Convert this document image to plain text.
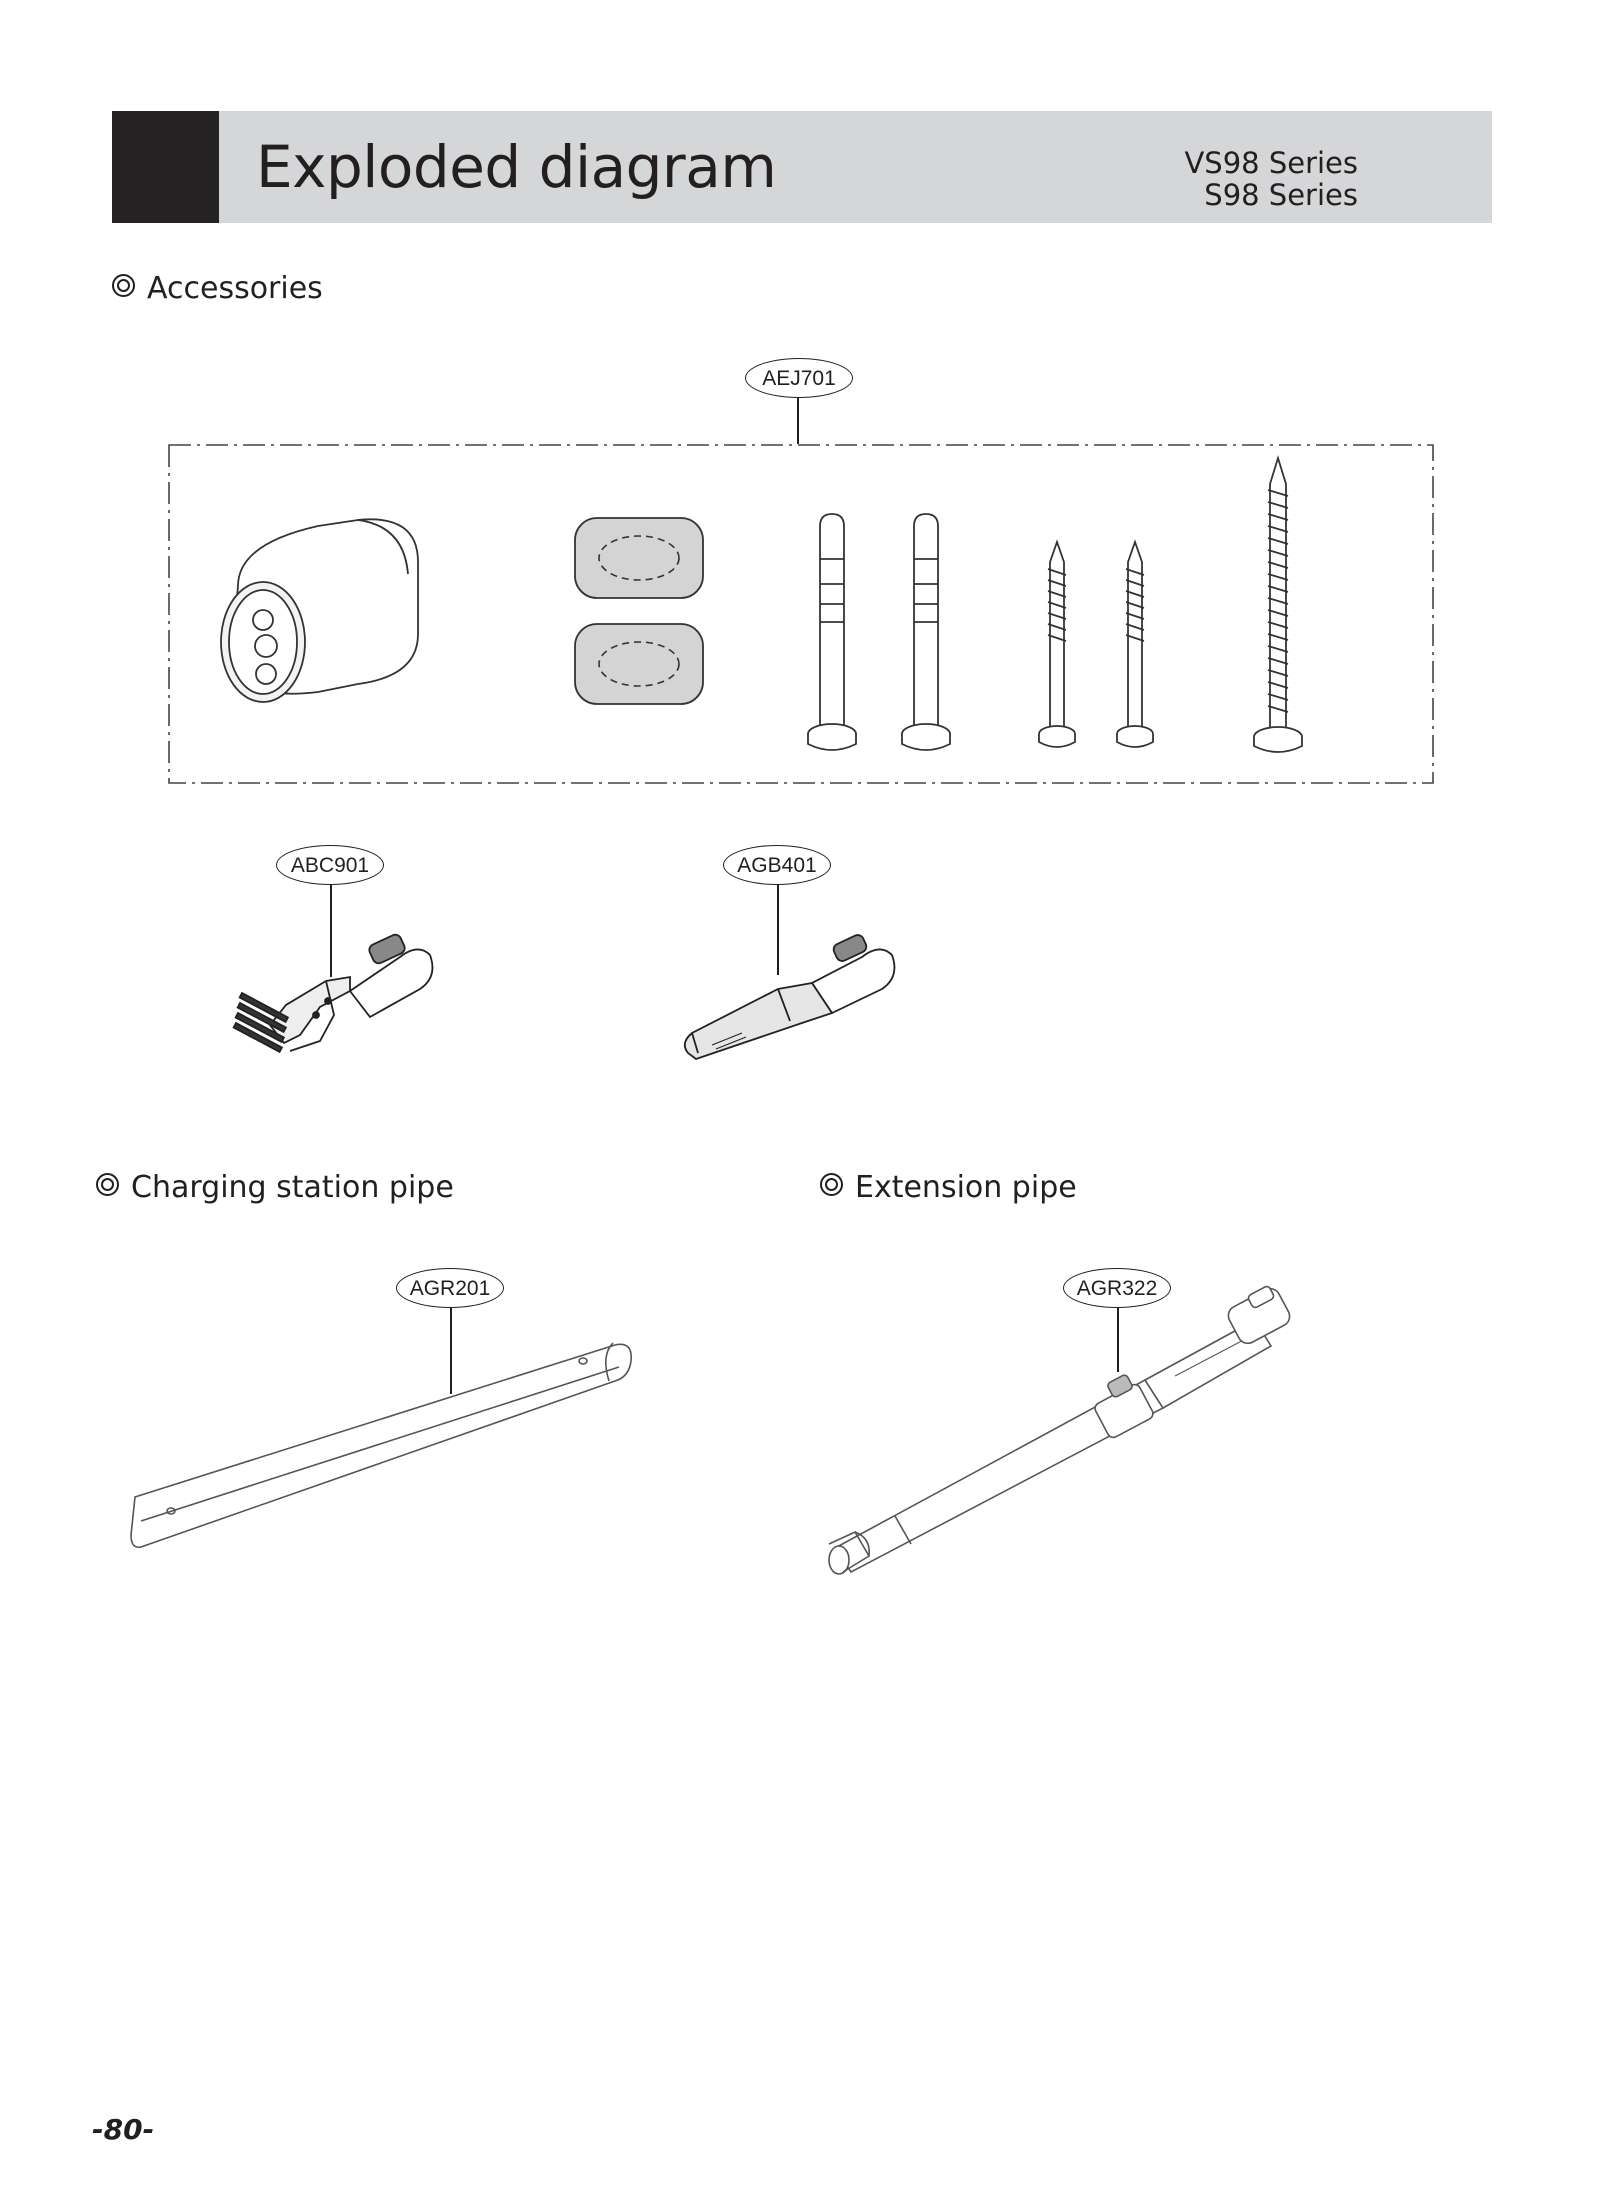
Exploded diagram	VS98 Series
S98 Series
Accessories
AEJ701
ABC901	AGB401
Charging station pipe
AGR201
Extension pipe
AGR322
-80-
